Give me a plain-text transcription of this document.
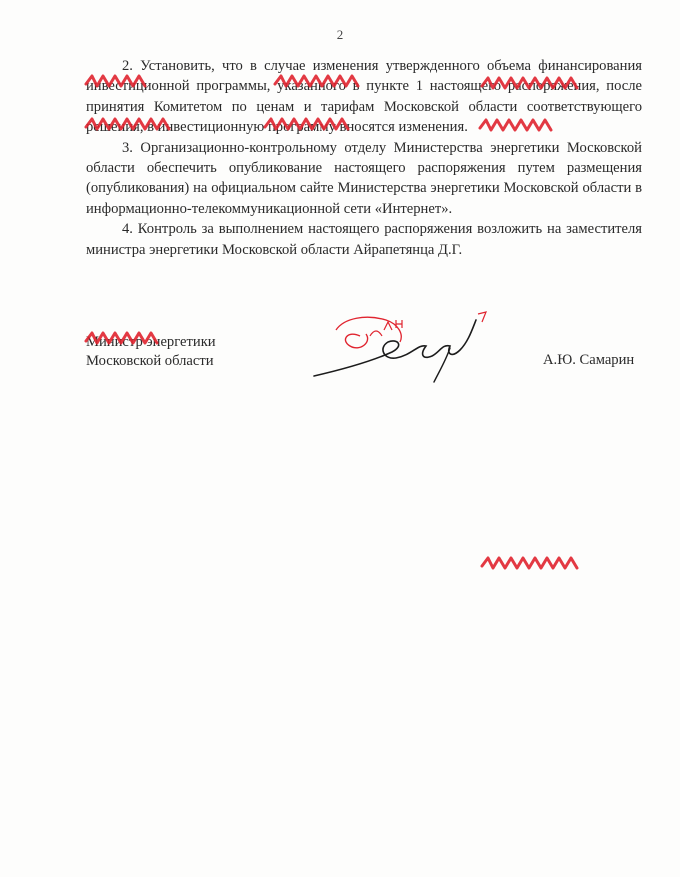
2

2. Установить, что в случае изменения утвержденного объема финансирования инвестиционной программы, указанного в пункте 1 настоящего распоряжения, после принятия Комитетом по ценам и тарифам Московской области соответствующего решения, в инвестиционную программу вносятся изменения.

3. Организационно-контрольному отделу Министерства энергетики Московской области обеспечить опубликование настоящего распоряжения путем размещения (опубликования) на официальном сайте Министерства энергетики Московской области в информационно-телекоммуникационной сети «Интернет».

4. Контроль за выполнением настоящего распоряжения возложить на заместителя министра энергетики Московской области Айрапетянца Д.Г.

Министр энергетики
Московской области	А.Ю. Самарин
